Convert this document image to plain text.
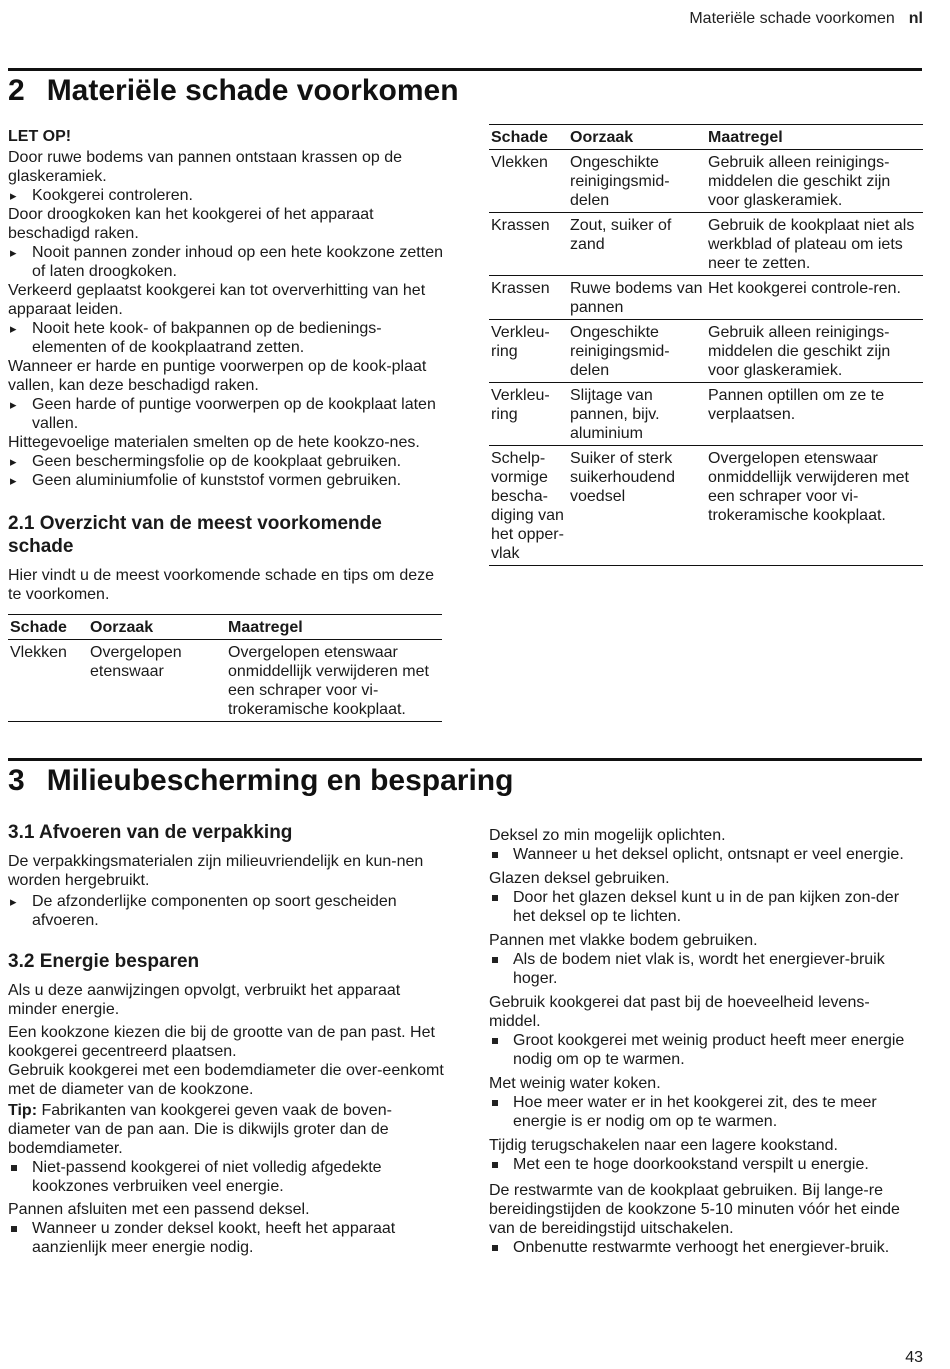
Materiële schade voorkomen nl
2 Materiële schade voorkomen

LET OP!

Door ruwe bodems van pannen ontstaan krassen op de glaskeramiek.

▸ Kookgerei controleren.

Door droogkoken kan het kookgerei of het apparaat beschadigd raken.

▸ Nooit pannen zonder inhoud op een hete kookzone zetten of laten droogkoken.

Verkeerd geplaatst kookgerei kan tot oververhitting van het apparaat leiden.

▸ Nooit hete kook- of bakpannen op de bedienings-elementen of de kookplaatrand zetten.

Wanneer er harde en puntige voorwerpen op de kook-plaat vallen, kan deze beschadigd raken.

▸ Geen harde of puntige voorwerpen op de kookplaat laten vallen.

Hittegevoelige materialen smelten op de hete kookzo-nes.

▸ Geen beschermingsfolie op de kookplaat gebruiken.
▸ Geen aluminiumfolie of kunststof vormen gebruiken.
2.1 Overzicht van de meest voorkomende schade

Hier vindt u de meest voorkomende schade en tips om deze te voorkomen.

Schade	Oorzaak	Maatregel
Vlekken	Overgelopen etenswaar	Overgelopen etenswaar onmiddellijk verwijderen met een schraper voor vi-trokeramische kookplaat.
Schade	Oorzaak	Maatregel
Vlekken	Ongeschikte reinigingsmid-delen	Gebruik alleen reinigings-middelen die geschikt zijn voor glaskeramiek.
Krassen	Zout, suiker of zand	Gebruik de kookplaat niet als werkblad of plateau om iets neer te zetten.
Krassen	Ruwe bodems van pannen	Het kookgerei controle-ren.
Verkleu-ring	Ongeschikte reinigingsmid-delen	Gebruik alleen reinigings-middelen die geschikt zijn voor glaskeramiek.
Verkleu-ring	Slijtage van pannen, bijv. aluminium	Pannen optillen om ze te verplaatsen.
Schelp-vormige bescha-diging van het opper-vlak	Suiker of sterk suikerhoudend voedsel	Overgelopen etenswaar onmiddellijk verwijderen met een schraper voor vi-trokeramische kookplaat.
3 Milieubescherming en besparing
3.1 Afvoeren van de verpakking

De verpakkingsmaterialen zijn milieuvriendelijk en kun-nen worden hergebruikt.

▸ De afzonderlijke componenten op soort gescheiden afvoeren.
3.2 Energie besparen

Als u deze aanwijzingen opvolgt, verbruikt het apparaat minder energie.

Een kookzone kiezen die bij de grootte van de pan past. Het kookgerei gecentreerd plaatsen.

Gebruik kookgerei met een bodemdiameter die over-eenkomt met de diameter van de kookzone.

Tip: Fabrikanten van kookgerei geven vaak de boven-diameter van de pan aan. Die is dikwijls groter dan de bodemdiameter.

Niet-passend kookgerei of niet volledig afgedekte kookzones verbruiken veel energie.

Pannen afsluiten met een passend deksel.

Wanneer u zonder deksel kookt, heeft het apparaat aanzienlijk meer energie nodig.

Deksel zo min mogelijk oplichten.

Wanneer u het deksel oplicht, ontsnapt er veel energie.

Glazen deksel gebruiken.

Door het glazen deksel kunt u in de pan kijken zon-der het deksel op te lichten.

Pannen met vlakke bodem gebruiken.

Als de bodem niet vlak is, wordt het energiever-bruik hoger.

Gebruik kookgerei dat past bij de hoeveelheid levens-middel.

Groot kookgerei met weinig product heeft meer energie nodig om op te warmen.

Met weinig water koken.

Hoe meer water er in het kookgerei zit, des te meer energie is er nodig om op te warmen.

Tijdig terugschakelen naar een lagere kookstand.

Met een te hoge doorkookstand verspilt u energie.

De restwarmte van de kookplaat gebruiken. Bij lange-re bereidingstijden de kookzone 5-10 minuten vóór het einde van de bereidingstijd uitschakelen.

Onbenutte restwarmte verhoogt het energiever-bruik.
43
